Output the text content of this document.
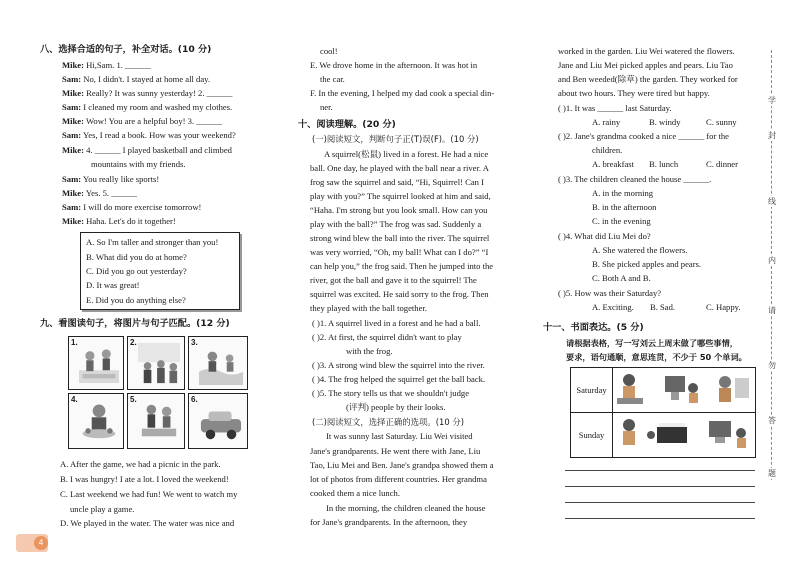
八、选择合适的句子，补全对话。(10 分)
Mike: Hi,Sam. 1. ______
Sam: No, I didn't. I stayed at home all day.
Mike: Really? It was sunny yesterday! 2. ______
Sam: I cleaned my room and washed my clothes.
Mike: Wow! You are a helpful boy! 3. ______
Sam: Yes, I read a book. How was your weekend?
Mike: 4. ______ I played basketball and climbed
mountains with my friends.
Sam: You really like sports!
Mike: Yes. 5. ______
Sam: I will do more exercise tomorrow!
Mike: Haha. Let's do it together!
A. So I'm taller and stronger than you!
B. What did you do at home?
C. Did you go out yesterday?
D. It was great!
E. Did you do anything else?
九、看图读句子，将图片与句子匹配。(12 分)
1.	2.	3.
4.	5.	6.
A. After the game, we had a picnic in the park.
B. I was hungry! I ate a lot. I loved the weekend!
C. Last weekend we had fun! We went to watch my
uncle play a game.
D. We played in the water. The water was nice and
cool!
E. We drove home in the afternoon. It was hot in
the car.
F. In the evening, I helped my dad cook a special din-
ner.
十、阅读理解。(20 分)
(一)阅读短文，判断句子正(T)误(F)。(10 分)
A squirrel(松鼠) lived in a forest. He had a nice
ball. One day, he played with the ball near a river. A
frog saw the squirrel and said, “Hi, Squirrel! Can I
play with you?” The squirrel looked at him and said,
“Haha. I'm strong but you look small. How can you
play with the ball?” The frog was sad. Suddenly a
strong wind blew the ball into the river. The squirrel
was very worried, “Oh, my ball! What can I do?” “I
can help you,” the frog said. Then he jumped into the
river, got the ball and gave it to the squirrel! The
squirrel was excited. He said sorry to the frog. Then
they played with the ball together.
( )1. A squirrel lived in a forest and he had a ball.
( )2. At first, the squirrel didn't want to play
with the frog.
( )3. A strong wind blew the squirrel into the river.
( )4. The frog helped the squirrel get the ball back.
( )5. The story tells us that we shouldn't judge
(评判) people by their looks.
(二)阅读短文，选择正确的选项。(10 分)
It was sunny last Saturday. Liu Wei visited
Jane's grandparents. He went there with Jane, Liu
Tao, Liu Mei and Ben. Jane's grandpa showed them a
lot of photos from different countries. Her grandma
cooked them a nice lunch.
In the morning, the children cleaned the house
for Jane's grandparents. In the afternoon, they
worked in the garden. Liu Wei watered the flowers.
Jane and Liu Mei picked apples and pears. Liu Tao
and Ben weeded(除草) the garden. They worked for
about two hours. They were tired but happy.
( )1. It was ______ last Saturday.
A. rainy	B. windy	C. sunny
( )2. Jane's grandma cooked a nice ______ for the
children.
A. breakfast B. lunch	C. dinner
( )3. The children cleaned the house ______.
A. in the morning
B. in the afternoon
C. in the evening
( )4. What did Liu Mei do?
A. She watered the flowers.
B. She picked apples and pears.
C. Both A and B.
( )5. How was their Saturday?
A. Exciting. B. Sad.	C. Happy.
十一、书面表达。(5 分)
请根据表格，写一写刘云上周末做了哪些事情，
要求，语句通顺，意思连贯，不少于 50 个单词。
Saturday	
Sunday	
学
封
线
内
请
勿
答
题
4
